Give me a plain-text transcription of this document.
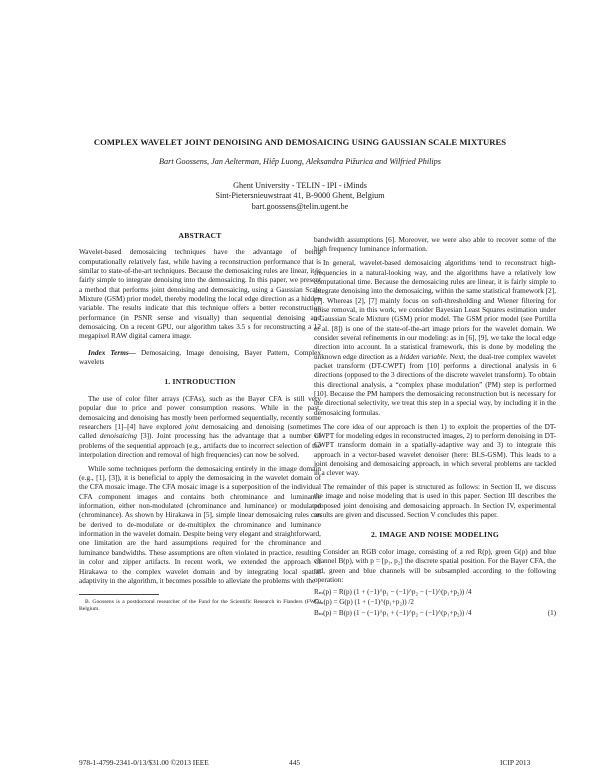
COMPLEX WAVELET JOINT DENOISING AND DEMOSAICING USING GAUSSIAN SCALE MIXTURES
Bart Goossens, Jan Aelterman, Hiêp Luong, Aleksandra Pižurica and Wilfried Philips
Ghent University - TELIN - IPI - iMinds
Sint-Pietersnieuwstraat 41, B-9000 Ghent, Belgium
bart.goossens@telin.ugent.be
ABSTRACT

Wavelet-based demosaicing techniques have the advantage of being computationally relatively fast, while having a reconstruction performance that is similar to state-of-the-art techniques. Because the demosaicing rules are linear, it is fairly simple to integrate denoising into the demosaicing. In this paper, we present a method that performs joint denoising and demosaicing, using a Gaussian Scale Mixture (GSM) prior model, thereby modeling the local edge direction as a hidden variable. The results indicate that this technique offers a better reconstruction performance (in PSNR sense and visually) than sequential denoising and demosaicing. On a recent GPU, our algorithm takes 3.5 s for reconstructing a 12 megapixel RAW digital camera image.

Index Terms— Demosaicing, Image denoising, Bayer Pattern, Complex wavelets

1. INTRODUCTION

The use of color filter arrays (CFAs), such as the Bayer CFA is still very popular due to price and power consumption reasons. While in the past, demosaicing and denoising has mostly been performed sequentially, recently some researchers [1]–[4] have explored joint demosaicing and denoising (sometimes called denoisaicing [3]). Joint processing has the advantage that a number of problems of the sequential approach (e.g., artifacts due to incorrect selection of the interpolation direction and removal of high frequencies) can now be solved.

While some techniques perform the demosaicing entirely in the image domain (e.g., [1], [3]), it is beneficial to apply the demosaicing in the wavelet domain of the CFA mosaic image. The CFA mosaic image is a superposition of the individual CFA component images and contains both chrominance and luminance information, either non-modulated (chrominance and luminance) or modulated (chrominance). As shown by Hirakawa in [5], simple linear demosaicing rules can be derived to de-modulate or de-multiplex the chrominance and luminance information in the wavelet domain. Despite being very elegant and straightforward, one limitation are the hard assumptions required for the chrominance and luminance bandwidths. These assumptions are often violated in practice, resulting in color and zipper artifacts. In recent work, we extended the approach of Hirakawa to the complex wavelet domain and by integrating local spatial adaptivity in the algorithm, it becomes possible to alleviate the problems with the

B. Goossens is a postdoctoral researcher of the Fund for the Scientific Research in Flanders (FWO) Belgium.

bandwidth assumptions [6]. Moreover, we were also able to recover some of the high frequency luminance information.

In general, wavelet-based demosaicing algorithms tend to reconstruct high-frequencies in a natural-looking way, and the algorithms have a relatively low computational time. Because the demosaicing rules are linear, it is fairly simple to integrate denoising into the demosaicing, within the same statistical framework [2], [7]. Whereas [2], [7] mainly focus on soft-thresholding and Wiener filtering for noise removal, in this work, we consider Bayesian Least Squares estimation under a Gaussian Scale Mixture (GSM) prior model. The GSM prior model (see Portilla et al. [8]) is one of the state-of-the-art image priors for the wavelet domain. We consider several refinements in our modeling: as in [6], [9], we take the local edge direction into account. In a statistical framework, this is done by modeling the unknown edge direction as a hidden variable. Next, the dual-tree complex wavelet packet transform (DT-CWPT) from [10] performs a directional analysis in 6 directions (opposed to the 3 directions of the discrete wavelet transform). To obtain this directional analysis, a “complex phase modulation” (PM) step is performed [10]. Because the PM hampers the demosaicing reconstruction but is necessary for the directional selectivity, we treat this step in a special way, by including it in the demosaicing formulas.

The core idea of our approach is then 1) to exploit the properties of the DT-CWPT for modeling edges in reconstructed images, 2) to perform denoising in DT-CWPT transform domain in a spatially-adaptive way and 3) to integrate this approach in a vector-based wavelet denoiser (here: BLS-GSM). This leads to a joint denoising and demosaicing approach, in which several problems are tackled in a clever way.

The remainder of this paper is structured as follows: in Section II, we discuss the image and noise modeling that is used in this paper. Section III describes the proposed joint denoising and demosaicing approach. In Section IV, experimental results are given and discussed. Section V concludes this paper.

2. IMAGE AND NOISE MODELING

Consider an RGB color image, consisting of a red R(p), green G(p) and blue channel B(p), with p = [p₁, p₂] the discrete spatial position. For the Bayer CFA, the red, green and blue channels will be subsampled according to the following operation:

Rₘ(p) = R(p) (1 + (−1)^p₁ − (−1)^p₂ − (−1)^(p₁+p₂)) /4
Gₘ(p) = G(p) (1 + (−1)^(p₁+p₂)) /2
Bₘ(p) = B(p) (1 − (−1)^p₁ + (−1)^p₂ − (−1)^(p₁+p₂)) /4	(1)
978-1-4799-2341-0/13/$31.00 ©2013 IEEE	445	ICIP 2013
